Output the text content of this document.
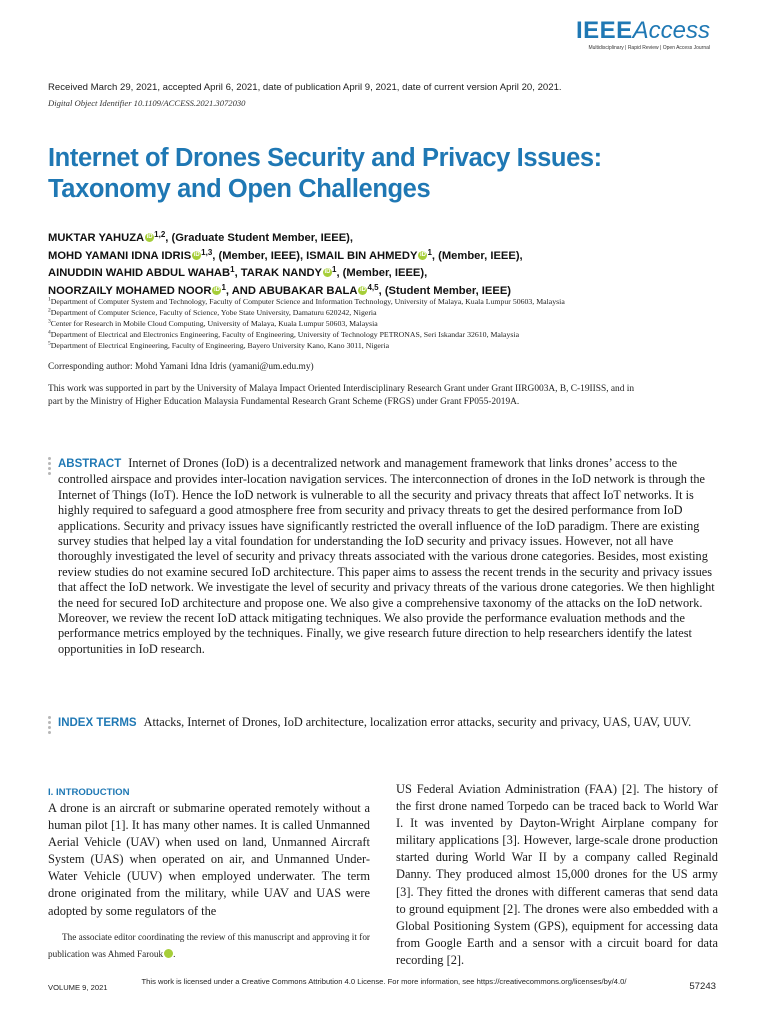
IEEEAccess
Multidisciplinary | Rapid Review | Open Access Journal
Received March 29, 2021, accepted April 6, 2021, date of publication April 9, 2021, date of current version April 20, 2021.
Digital Object Identifier 10.1109/ACCESS.2021.3072030
Internet of Drones Security and Privacy Issues:
Taxonomy and Open Challenges
MUKTAR YAHUZA iD $^{1,2}$, (Graduate Student Member, IEEE),
MOHD YAMANI IDNA IDRIS iD $^{1,3}$, (Member, IEEE), ISMAIL BIN AHMEDY iD $^1$, (Member, IEEE),
AINUDDIN WAHID ABDUL WAHAB$^1$, TARAK NANDY iD $^1$, (Member, IEEE),
NOORZAILY MOHAMED NOOR iD $^1$, AND ABUBAKAR BALA iD $^{4,5}$, (Student Member, IEEE)
$^1$Department of Computer System and Technology, Faculty of Computer Science and Information Technology, University of Malaya, Kuala Lumpur 50603, Malaysia
$^2$Department of Computer Science, Faculty of Science, Yobe State University, Damaturu 620242, Nigeria
$^3$Center for Research in Mobile Cloud Computing, University of Malaya, Kuala Lumpur 50603, Malaysia
$^4$Department of Electrical and Electronics Engineering, Faculty of Engineering, University of Technology PETRONAS, Seri Iskandar 32610, Malaysia
$^5$Department of Electrical Engineering, Faculty of Engineering, Bayero University Kano, Kano 3011, Nigeria
Corresponding author: Mohd Yamani Idna Idris (yamani@um.edu.my)
This work was supported in part by the University of Malaya Impact Oriented Interdisciplinary Research Grant under Grant IIRG003A, B, C-19IISS, and in part by the Ministry of Higher Education Malaysia Fundamental Research Grant Scheme (FRGS) under Grant FP055-2019A.
ABSTRACT Internet of Drones (IoD) is a decentralized network and management framework that links drones’ access to the controlled airspace and provides inter-location navigation services. The interconnection of drones in the IoD network is through the Internet of Things (IoT). Hence the IoD network is vulnerable to all the security and privacy threats that affect IoT networks. It is highly required to safeguard a good atmosphere free from security and privacy threats to get the desired performance from IoD applications. Security and privacy issues have significantly restricted the overall influence of the IoD paradigm. There are existing survey studies that helped lay a vital foundation for understanding the IoD security and privacy issues. However, not all have thoroughly investigated the level of security and privacy threats associated with the various drone categories. Besides, most existing review studies do not examine secured IoD architecture. This paper aims to assess the recent trends in the security and privacy issues that affect the IoD network. We investigate the level of security and privacy threats of the various drone categories. We then highlight the need for secured IoD architecture and propose one. We also give a comprehensive taxonomy of the attacks on the IoD network. Moreover, we review the recent IoD attack mitigating techniques. We also provide the performance evaluation methods and the performance metrics employed by the techniques. Finally, we give research future direction to help researchers identify the latest opportunities in IoD research.
INDEX TERMS Attacks, Internet of Drones, IoD architecture, localization error attacks, security and privacy, UAS, UAV, UUV.
I. INTRODUCTION
A drone is an aircraft or submarine operated remotely without a human pilot [1]. It has many other names. It is called Unmanned Aerial Vehicle (UAV) when used on land, Unmanned Aircraft System (UAS) when operated on air, and Unmanned Under-Water Vehicle (UUV) when employed underwater. The term drone originated from the military, while UAV and UAS were adopted by some regulators of the
US Federal Aviation Administration (FAA) [2]. The history of the first drone named Torpedo can be traced back to World War I. It was invented by Dayton-Wright Airplane company for military applications [3]. However, large-scale drone production started during World War II by a company called Reginald Danny. They produced almost 15,000 drones for the US army [3]. They fitted the drones with different cameras that send data to ground equipment [2]. The drones were also embedded with a Global Positioning System (GPS), equipment for accessing data from Google Earth and a sensor with a circuit board for data recording [2].
The associate editor coordinating the review of this manuscript and approving it for publication was Ahmed Farouk	iD.
VOLUME 9, 2021
This work is licensed under a Creative Commons Attribution 4.0 License. For more information, see https://creativecommons.org/licenses/by/4.0/	57243
